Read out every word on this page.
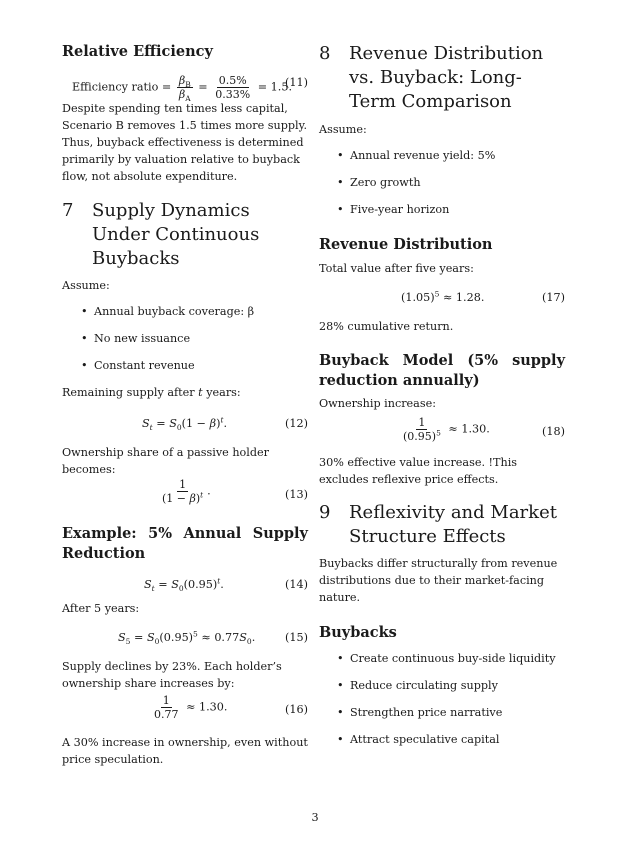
Relative Efficiency
Efficiency ratio = $\frac{\beta_B}{\beta_A} = \frac{0.5\%}{0.33\%} = 1.5$.
(11)

Despite spending ten times less capital, Scenario B removes 1.5 times more supply. Thus, buyback effectiveness is determined primarily by valuation relative to buyback flow, not absolute expenditure.

7	Supply Dynamics Under Continuous Buybacks

Assume:

• Annual buyback coverage: β
• No new issuance
• Constant revenue

Remaining supply after t years:

$S_t = S_0(1 - \beta)^t$.	(12)

Ownership share of a passive holder becomes:

$\frac{1}{(1 - \beta)^t}$ .	(13)
Example: 5% Annual Supply
Reduction
$S_t = S_0(0.95)^t$.	(14)

After 5 years:

$S_5 = S_0(0.95)^5 \approx 0.77S_0$.	(15)

Supply declines by 23%. Each holder’s ownership share increases by:

$\frac{1}{0.77} \approx 1.30$.	(16)

A 30% increase in ownership, even without price speculation.

8	Revenue Distribution vs. Buyback: Long-Term Comparison

Assume:

• Annual revenue yield: 5%
• Zero growth
• Five-year horizon
Revenue Distribution

Total value after five years:

$(1.05)^5 \approx 1.28$.	(17)

28% cumulative return.

Buyback Model (5% supply
reduction annually)

Ownership increase:

$\frac{1}{(0.95)^5} \approx 1.30$.	(18)

30% effective value increase. !This excludes reflexive price effects.

9	Reflexivity and Market Structure Effects

Buybacks differ structurally from revenue distributions due to their market-facing nature.

Buybacks
• Create continuous buy-side liquidity
• Reduce circulating supply
• Strengthen price narrative
• Attract speculative capital
3
